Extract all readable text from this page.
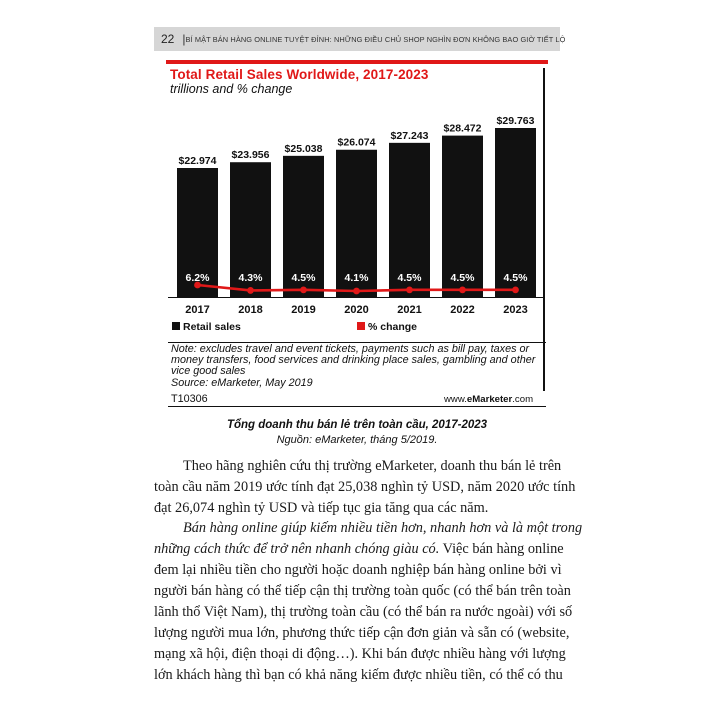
22 | BÍ MẬT BÁN HÀNG ONLINE TUYỆT ĐỈNH: NHỮNG ĐIỀU CHỦ SHOP NGHÌN ĐƠN KHÔNG BAO GIỜ TIẾT LỘ
Total Retail Sales Worldwide, 2017-2023
trillions and % change
$22.974 $23.956
$25.038
$26.074
$27.243
$28.472
$29.763
6.2%	4.3%	4.5%	4.1%	4.5%	4.5%	4.5%
2017	2018	2019	2020	2021	2022	2023
Retail sales	% change
Note: excludes travel and event tickets, payments such as bill pay, taxes or money transfers, food services and drinking place sales, gambling and other vice good sales
Source: eMarketer, May 2019
T10306	www.eMarketer.com
Tổng doanh thu bán lẻ trên toàn cầu, 2017-2023
Nguồn: eMarketer, tháng 5/2019.
Theo hãng nghiên cứu thị trường eMarketer, doanh thu bán lẻ trên
toàn cầu năm 2019 ước tính đạt 25,038 nghìn tỷ USD, năm 2020 ước tính
đạt 26,074 nghìn tỷ USD và tiếp tục gia tăng qua các năm.
Bán hàng online giúp kiếm nhiều tiền hơn, nhanh hơn và là một trong
những cách thức để trở nên nhanh chóng giàu có. Việc bán hàng online
đem lại nhiều tiền cho người hoặc doanh nghiệp bán hàng online bởi vì
người bán hàng có thể tiếp cận thị trường toàn quốc (có thể bán trên toàn
lãnh thổ Việt Nam), thị trường toàn cầu (có thể bán ra nước ngoài) với số
lượng người mua lớn, phương thức tiếp cận đơn giản và sẵn có (website,
mạng xã hội, điện thoại di động…). Khi bán được nhiều hàng với lượng
lớn khách hàng thì bạn có khả năng kiếm được nhiều tiền, có thể có thu
